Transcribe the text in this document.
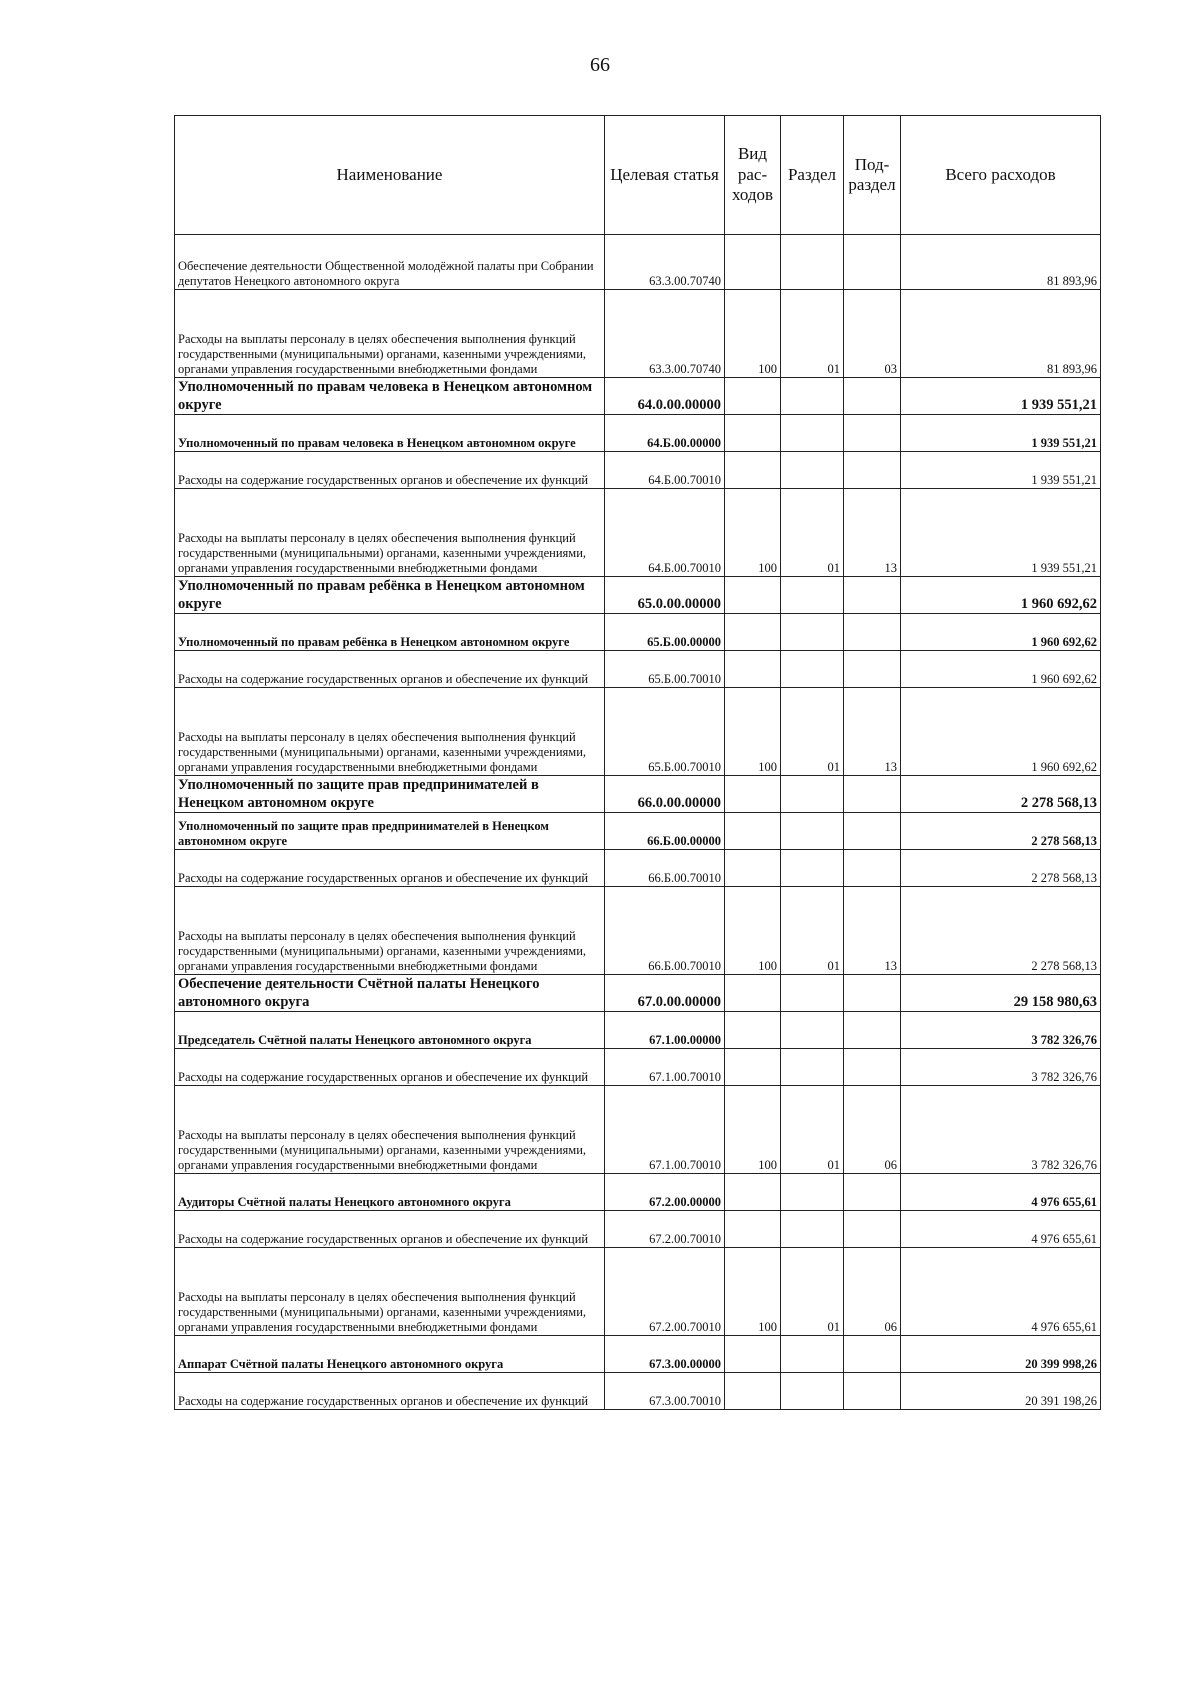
66
Наименование	Целевая статья	Вид рас- ходов	Раздел	Под- раздел	Всего расходов
Обеспечение деятельности Общественной молодёжной палаты при Собрании депутатов Ненецкого автономного округа	63.3.00.70740				81 893,96
Расходы на выплаты персоналу в целях обеспечения выполнения функций государственными (муниципальными) органами, казенными учреждениями, органами управления государственными внебюджетными фондами	63.3.00.70740	100	01	03	81 893,96
Уполномоченный по правам человека в Ненецком автономном округе	64.0.00.00000				1 939 551,21
Уполномоченный по правам человека в Ненецком автономном округе	64.Б.00.00000				1 939 551,21
Расходы на содержание государственных органов и обеспечение их функций	64.Б.00.70010				1 939 551,21
Расходы на выплаты персоналу в целях обеспечения выполнения функций государственными (муниципальными) органами, казенными учреждениями, органами управления государственными внебюджетными фондами	64.Б.00.70010	100	01	13	1 939 551,21
Уполномоченный по правам ребёнка в Ненецком автономном округе	65.0.00.00000				1 960 692,62
Уполномоченный по правам ребёнка в Ненецком автономном округе	65.Б.00.00000				1 960 692,62
Расходы на содержание государственных органов и обеспечение их функций	65.Б.00.70010				1 960 692,62
Расходы на выплаты персоналу в целях обеспечения выполнения функций государственными (муниципальными) органами, казенными учреждениями, органами управления государственными внебюджетными фондами	65.Б.00.70010	100	01	13	1 960 692,62
Уполномоченный по защите прав предпринимателей в Ненецком автономном округе	66.0.00.00000				2 278 568,13
Уполномоченный по защите прав предпринимателей в Ненецком автономном округе	66.Б.00.00000				2 278 568,13
Расходы на содержание государственных органов и обеспечение их функций	66.Б.00.70010				2 278 568,13
Расходы на выплаты персоналу в целях обеспечения выполнения функций государственными (муниципальными) органами, казенными учреждениями, органами управления государственными внебюджетными фондами	66.Б.00.70010	100	01	13	2 278 568,13
Обеспечение деятельности Счётной палаты Ненецкого автономного округа	67.0.00.00000				29 158 980,63
Председатель Счётной палаты Ненецкого автономного округа	67.1.00.00000				3 782 326,76
Расходы на содержание государственных органов и обеспечение их функций	67.1.00.70010				3 782 326,76
Расходы на выплаты персоналу в целях обеспечения выполнения функций государственными (муниципальными) органами, казенными учреждениями, органами управления государственными внебюджетными фондами	67.1.00.70010	100	01	06	3 782 326,76
Аудиторы Счётной палаты Ненецкого автономного округа	67.2.00.00000				4 976 655,61
Расходы на содержание государственных органов и обеспечение их функций	67.2.00.70010				4 976 655,61
Расходы на выплаты персоналу в целях обеспечения выполнения функций государственными (муниципальными) органами, казенными учреждениями, органами управления государственными внебюджетными фондами	67.2.00.70010	100	01	06	4 976 655,61
Аппарат Счётной палаты Ненецкого автономного округа	67.3.00.00000				20 399 998,26
Расходы на содержание государственных органов и обеспечение их функций	67.3.00.70010				20 391 198,26
